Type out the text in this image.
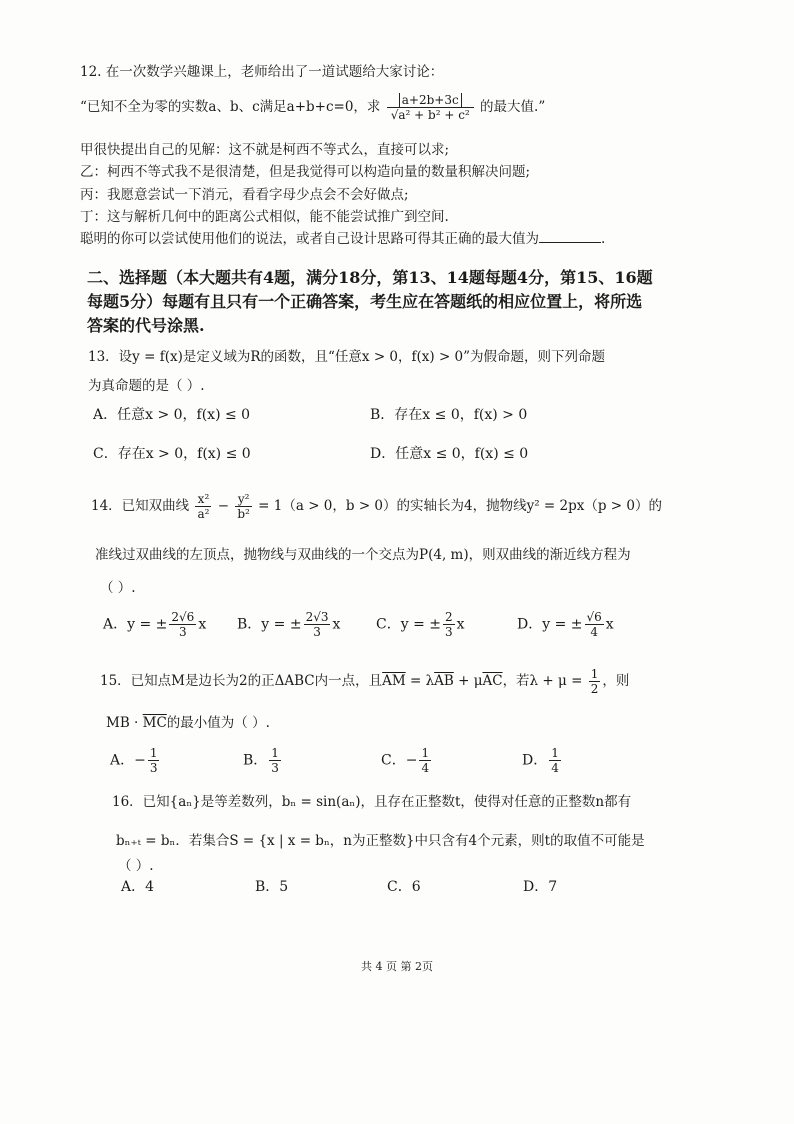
12. 在一次数学兴趣课上，老师给出了一道试题给大家讨论：
“已知不全为零的实数a、b、c满足a+b+c=0，求 $\frac{a+2b+3c}{\text{√a² + b² + c²}}$ 的最大值.”
甲很快提出自己的见解：这不就是柯西不等式么，直接可以求;
乙：柯西不等式我不是很清楚，但是我觉得可以构造向量的数量积解决问题;
丙：我愿意尝试一下消元，看看字母少点会不会好做点;
丁：这与解析几何中的距离公式相似，能不能尝试推广到空间.
聪明的你可以尝试使用他们的说法，或者自己设计思路可得其正确的最大值为	.
二、选择题（本大题共有4题，满分18分，第13、14题每题4分，第15、16题
每题5分）每题有且只有一个正确答案，考生应在答题纸的相应位置上，将所选
答案的代号涂黑.
13．设y = f(x)是定义域为R的函数，且“任意x > 0，f(x) > 0”为假命题，则下列命题
为真命题的是（ ）.
A．任意x > 0，f(x) ≤ 0	B．存在x ≤ 0，f(x) > 0
C．存在x > 0，f(x) ≤ 0	D．任意x ≤ 0，f(x) ≤ 0
14．已知双曲线 $\frac{\text{x²}}{\text{a²}} - \frac{\text{y²}}{\text{b²}} = 1(a > 0$，b > 0）的实轴长为4，抛物线y² = 2px（p > 0）的
准线过双曲线的左顶点，抛物线与双曲线的一个交点为P(4, m)，则双曲线的渐近线方程为
（ ）.
A．y = ± $\frac{2√6}{3}$ x B．y = ± $\frac{2√3}{3}$ x	C．y = ± $\frac{2}{3}$ x	D．y = ± $\frac{√6}{4}$ x
15．已知点M是边长为2的正ΔABC内一点，且$\overline{AM} = \lambda\overline{AB} + \mu\overline{AC}$，若$\lambda + \mu = \frac{1}{2}$ ，则
MB · $\overline{MC}$的最小值为（ ）.
A．− $\frac{1}{3}$	B． $\frac{1}{3}$	C．− $\frac{1}{4}$	D． $\frac{1}{4}$
16．已知{aₙ}是等差数列，bₙ = sin(aₙ)，且存在正整数t，使得对任意的正整数n都有
bₙ₊ₜ = bₙ．若集合S = {x | x = bₙ，n为正整数}中只含有4个元素，则t的取值不可能是
（ ）.
A．4	B．5	C．6	D．7
共 4 页 第 2页
